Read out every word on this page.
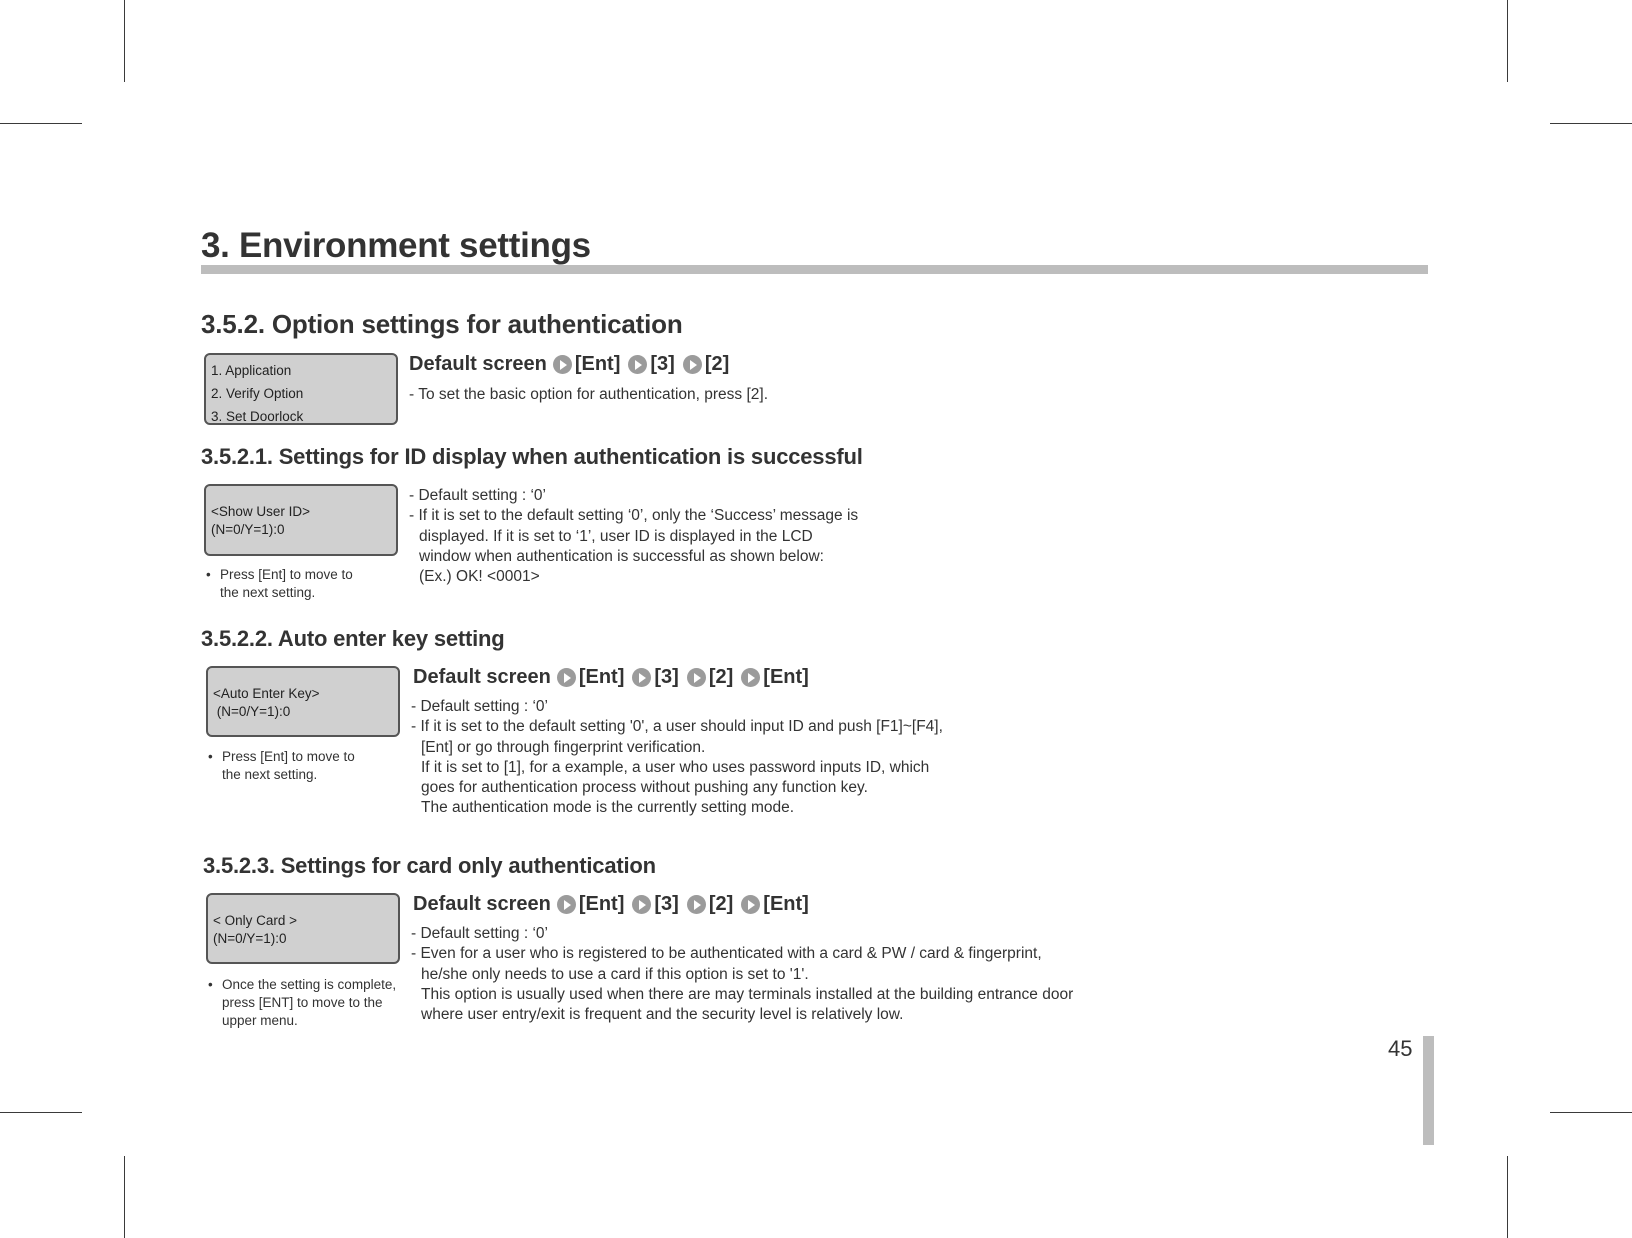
3. Environment settings
3.5.2. Option settings for authentication
1. Application
2. Verify Option
3. Set Doorlock
Default screen [Ent] [3] [2]
- To set the basic option for authentication, press [2].
3.5.2.1. Settings for ID display when authentication is successful
<Show User ID>
(N=0/Y=1):0
• Press [Ent] to move to
the next setting.
- Default setting : ‘0’
- If it is set to the default setting ‘0’, only the ‘Success’ message is
displayed. If it is set to ‘1’, user ID is displayed in the LCD
window when authentication is successful as shown below:
(Ex.) OK! <0001>
3.5.2.2. Auto enter key setting
<Auto Enter Key>
(N=0/Y=1):0
• Press [Ent] to move to
the next setting.
Default screen [Ent] [3] [2] [Ent]
- Default setting : ‘0’
- If it is set to the default setting '0', a user should input ID and push [F1]~[F4],
[Ent] or go through fingerprint verification.
If it is set to [1], for a example, a user who uses password inputs ID, which
goes for authentication process without pushing any function key.
The authentication mode is the currently setting mode.
3.5.2.3. Settings for card only authentication
< Only Card >
(N=0/Y=1):0
• Once the setting is complete,
press [ENT] to move to the
upper menu.
Default screen [Ent] [3] [2] [Ent]
- Default setting : ‘0’
- Even for a user who is registered to be authenticated with a card & PW / card & fingerprint,
he/she only needs to use a card if this option is set to '1'.
This option is usually used when there are may terminals installed at the building entrance door
where user entry/exit is frequent and the security level is relatively low.
45
